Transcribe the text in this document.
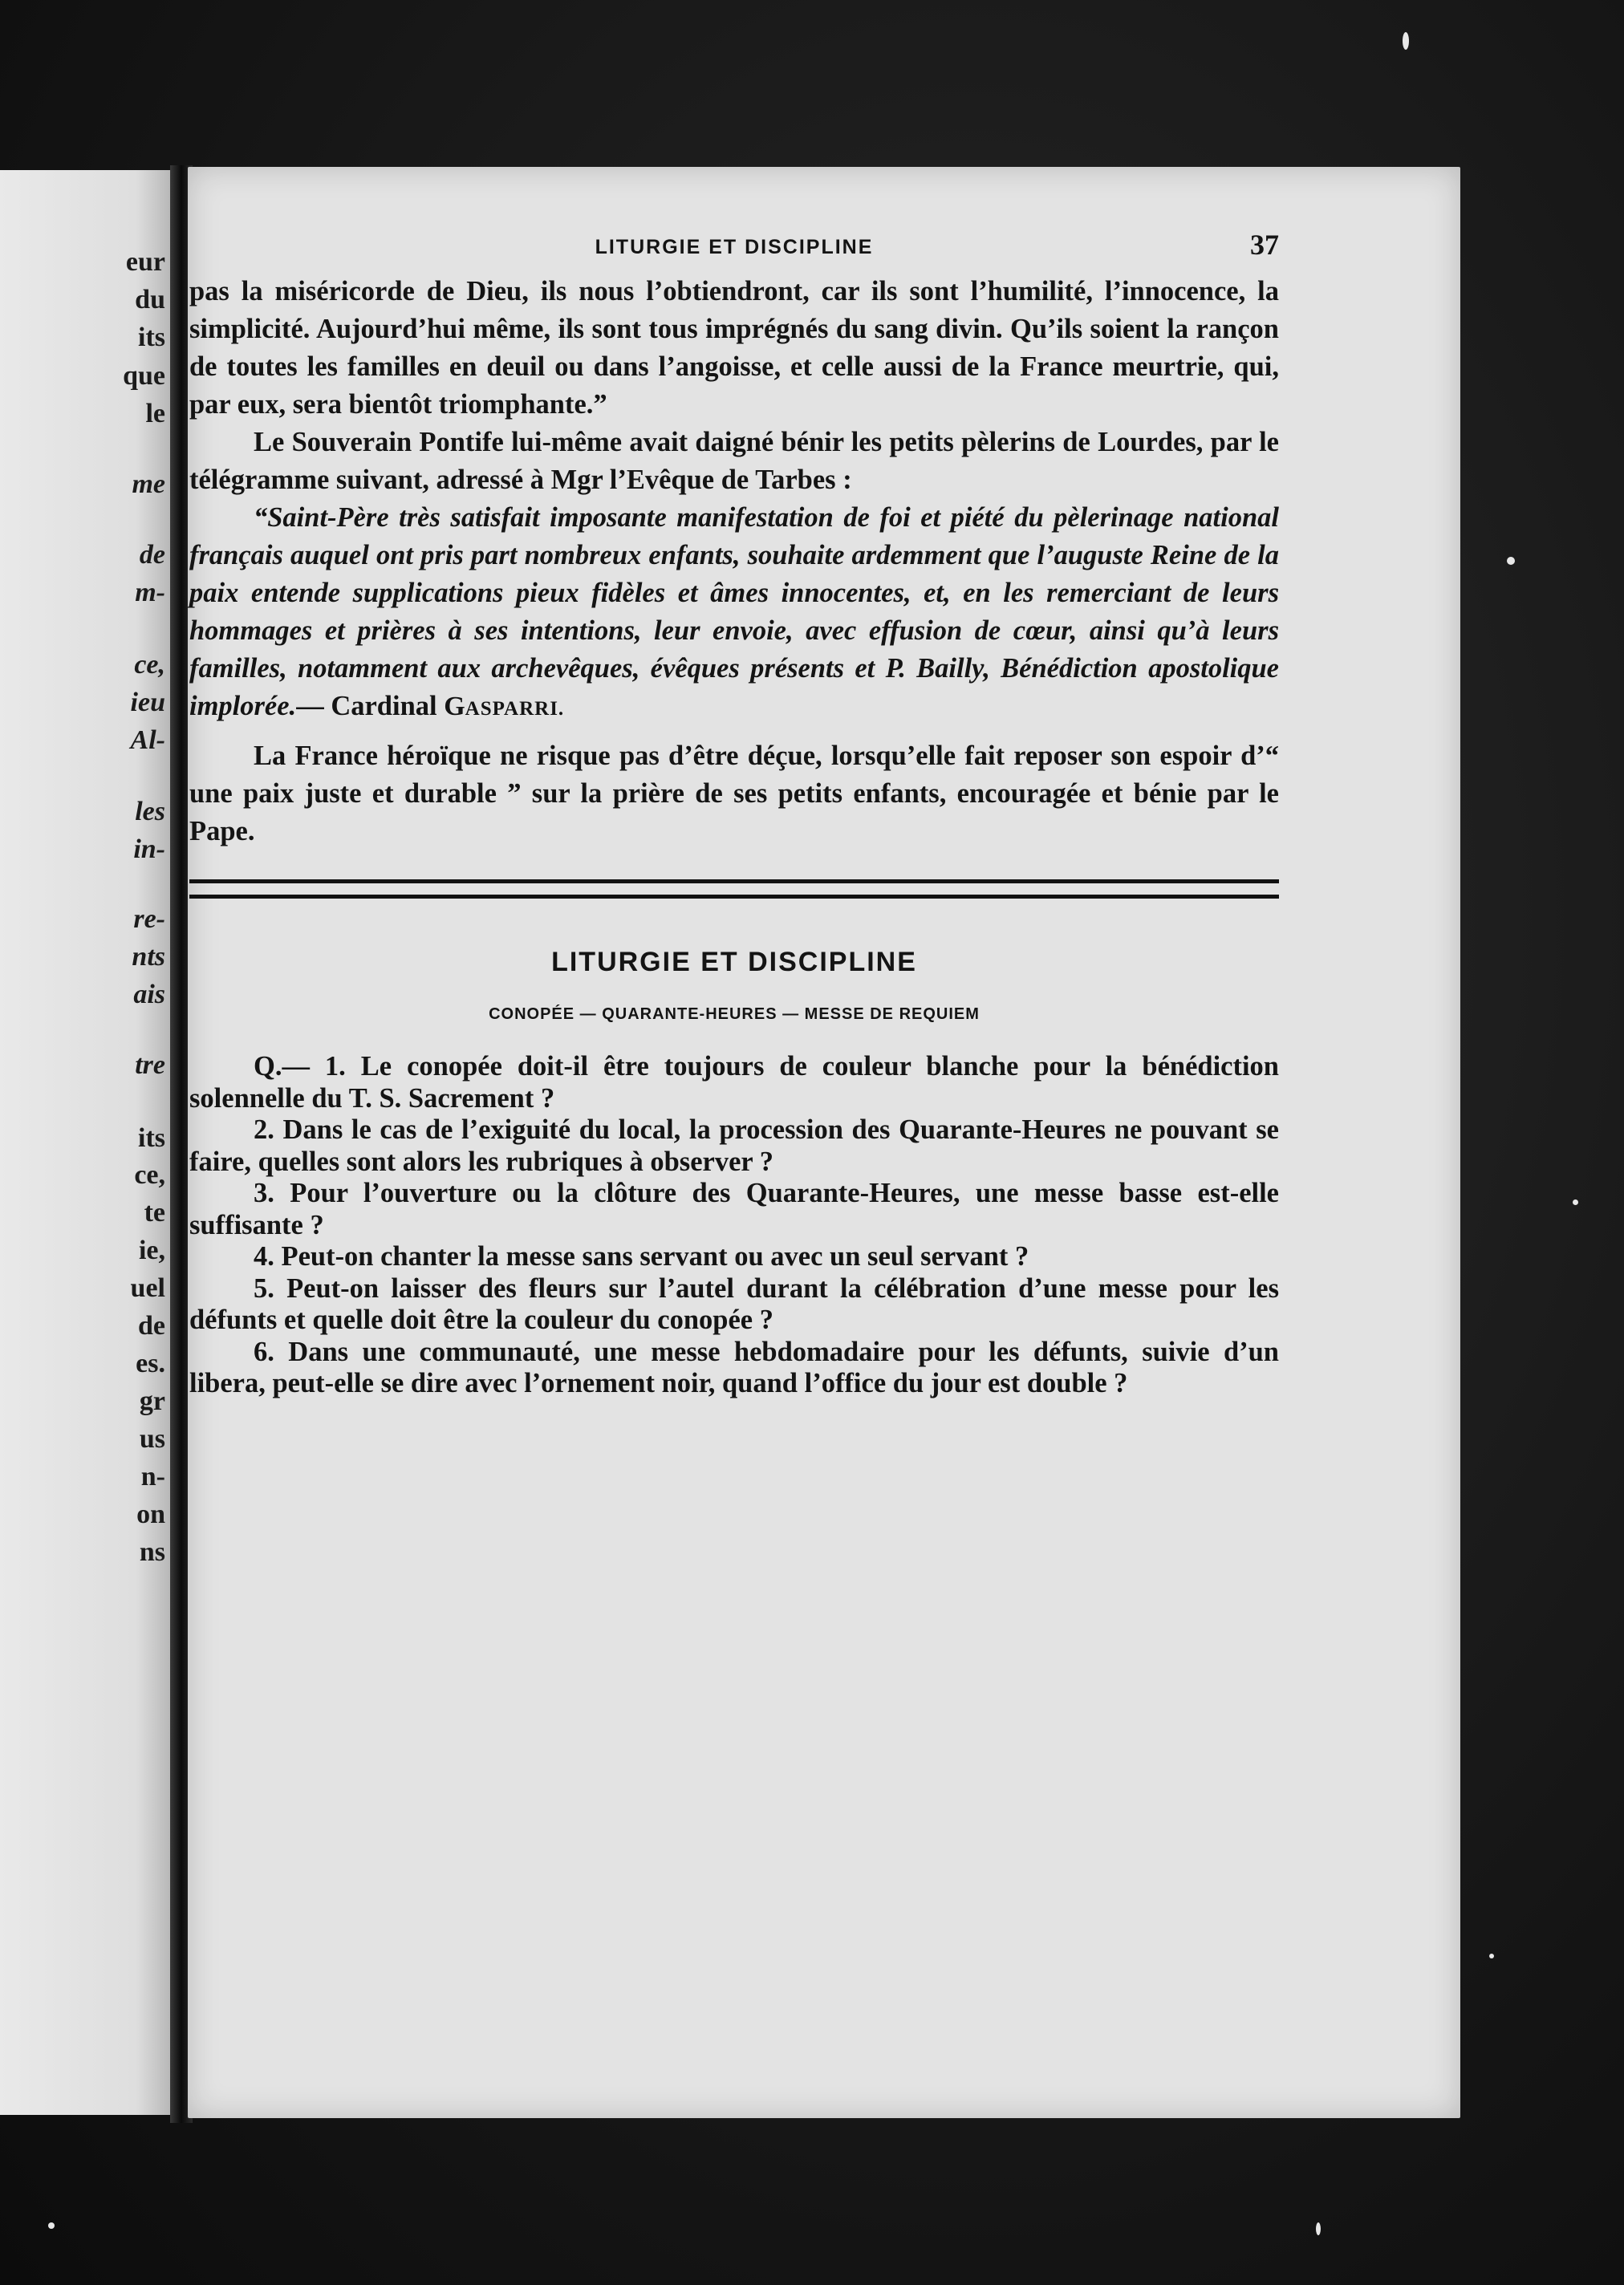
eur
du
its
que
le
me
de
m-
ce,
ieu
Al-
les
in-
re-
nts
ais
tre
its
ce,
te
ie,
uel
de
es.
gr
us
n-
on
ns
LITURGIE ET DISCIPLINE	37

pas la miséricorde de Dieu, ils nous l’obtiendront, car ils sont l’humilité, l’innocence, la simplicité. Aujourd’hui même, ils sont tous imprégnés du sang divin. Qu’ils soient la rançon de toutes les familles en deuil ou dans l’angoisse, et celle aussi de la France meurtrie, qui, par eux, sera bientôt triomphante.”

Le Souverain Pontife lui-même avait daigné bénir les petits pèlerins de Lourdes, par le télégramme suivant, adressé à Mgr l’Evêque de Tarbes :

“Saint-Père très satisfait imposante manifestation de foi et piété du pèlerinage national français auquel ont pris part nombreux enfants, souhaite ardemment que l’auguste Reine de la paix entende supplications pieux fidèles et âmes innocentes, et, en les remerciant de leurs hommages et prières à ses intentions, leur envoie, avec effusion de cœur, ainsi qu’à leurs familles, notamment aux archevêques, évêques présents et P. Bailly, Bénédiction apostolique implorée.— Cardinal GASPARRI.

La France héroïque ne risque pas d’être déçue, lorsqu’elle fait reposer son espoir d’“ une paix juste et durable ” sur la prière de ses petits enfants, encouragée et bénie par le Pape.

LITURGIE ET DISCIPLINE
CONOPÉE — QUARANTE-HEURES — MESSE DE REQUIEM

Q.— 1. Le conopée doit-il être toujours de couleur blanche pour la bénédiction solennelle du T. S. Sacrement ?

2. Dans le cas de l’exiguité du local, la procession des Quarante-Heures ne pouvant se faire, quelles sont alors les rubriques à observer ?

3. Pour l’ouverture ou la clôture des Quarante-Heures, une messe basse est-elle suffisante ?

4. Peut-on chanter la messe sans servant ou avec un seul servant ?

5. Peut-on laisser des fleurs sur l’autel durant la célébration d’une messe pour les défunts et quelle doit être la couleur du conopée ?

6. Dans une communauté, une messe hebdomadaire pour les défunts, suivie d’un libera, peut-elle se dire avec l’ornement noir, quand l’office du jour est double ?
